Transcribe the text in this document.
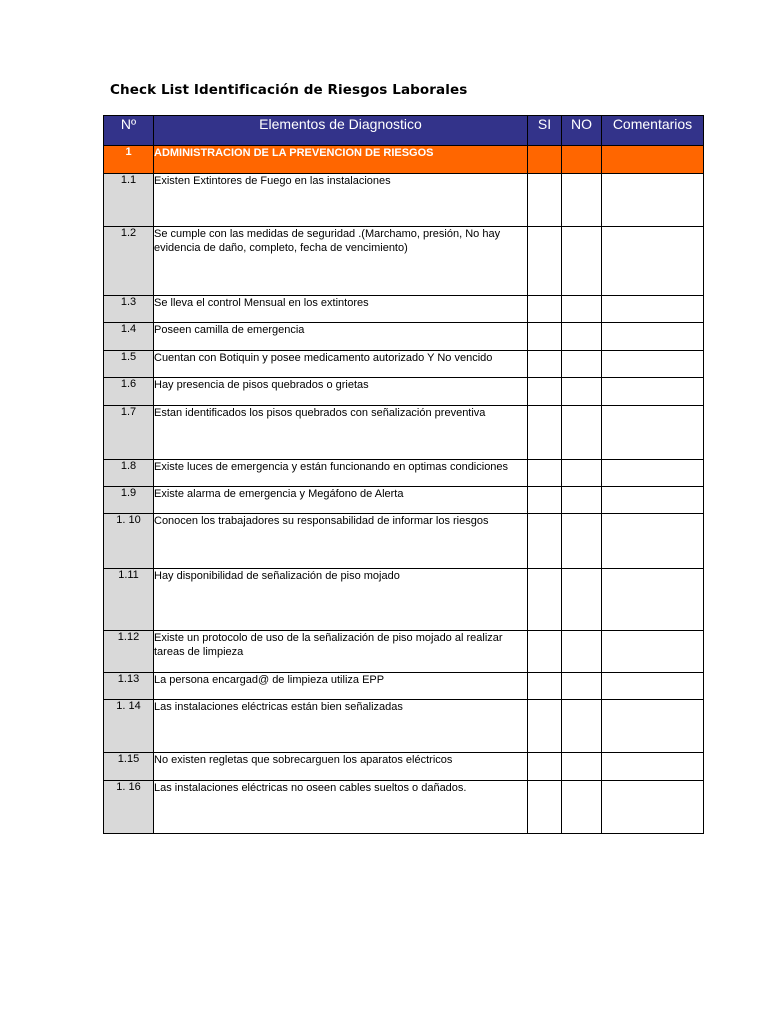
Check List Identificación de Riesgos Laborales
Nº	Elementos de Diagnostico	SI	NO	Comentarios
1	ADMINISTRACION DE LA PREVENCION DE RIESGOS			
1.1	Existen Extintores de Fuego en las instalaciones			
1.2	Se cumple con las medidas de seguridad .(Marchamo, presión, No hay evidencia de daño, completo, fecha de vencimiento)			
1.3	Se lleva el control Mensual en los extintores			
1.4	Poseen camilla de emergencia			
1.5	Cuentan con Botiquin y posee medicamento autorizado Y No vencido			
1.6	Hay presencia de pisos quebrados o grietas			
1.7	Estan identificados los pisos quebrados con señalización preventiva			
1.8	Existe luces de emergencia y están funcionando en optimas condiciones			
1.9	Existe alarma de emergencia y Megáfono de Alerta			
1. 10	Conocen los trabajadores su responsabilidad de informar los riesgos			
1.11	Hay disponibilidad de señalización de piso mojado			
1.12	Existe un protocolo de uso de la señalización de piso mojado al realizar tareas de limpieza			
1.13	La persona encargad@ de limpieza utiliza EPP			
1. 14	Las instalaciones eléctricas están bien señalizadas			
1.15	No existen regletas que sobrecarguen los aparatos eléctricos			
1. 16	Las instalaciones eléctricas no oseen cables sueltos o dañados.			
